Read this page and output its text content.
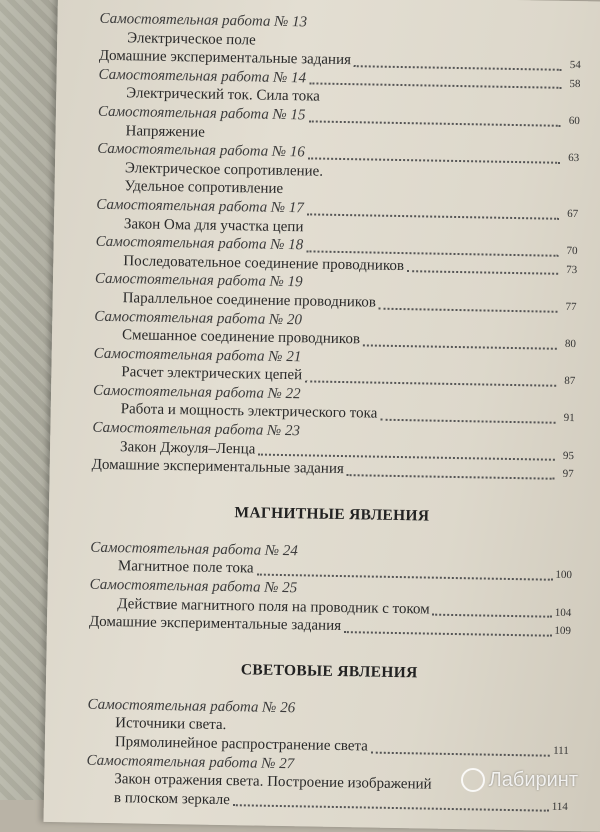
Самостоятельная работа № 13
Электрическое поле
Домашние экспериментальные задания	54
Самостоятельная работа № 14	58
Электрический ток. Сила тока
Самостоятельная работа № 15	60
Напряжение
Самостоятельная работа № 16	63
Электрическое сопротивление.
Удельное сопротивление
Самостоятельная работа № 17	67
Закон Ома для участка цепи
Самостоятельная работа № 18	70
Последовательное соединение проводников	73
Самостоятельная работа № 19
Параллельное соединение проводников	77
Самостоятельная работа № 20
Смешанное соединение проводников	80
Самостоятельная работа № 21
Расчет электрических цепей	87
Самостоятельная работа № 22
Работа и мощность электрического тока	91
Самостоятельная работа № 23
Закон Джоуля–Ленца	95
Домашние экспериментальные задания	97
МАГНИТНЫЕ ЯВЛЕНИЯ
Самостоятельная работа № 24
Магнитное поле тока	100
Самостоятельная работа № 25
Действие магнитного поля на проводник с током	104
Домашние экспериментальные задания	109
СВЕТОВЫЕ ЯВЛЕНИЯ
Самостоятельная работа № 26
Источники света.
Прямолинейное распространение света	111
Самостоятельная работа № 27
Закон отражения света. Построение изображений
в плоском зеркале	114
Лабиринт
